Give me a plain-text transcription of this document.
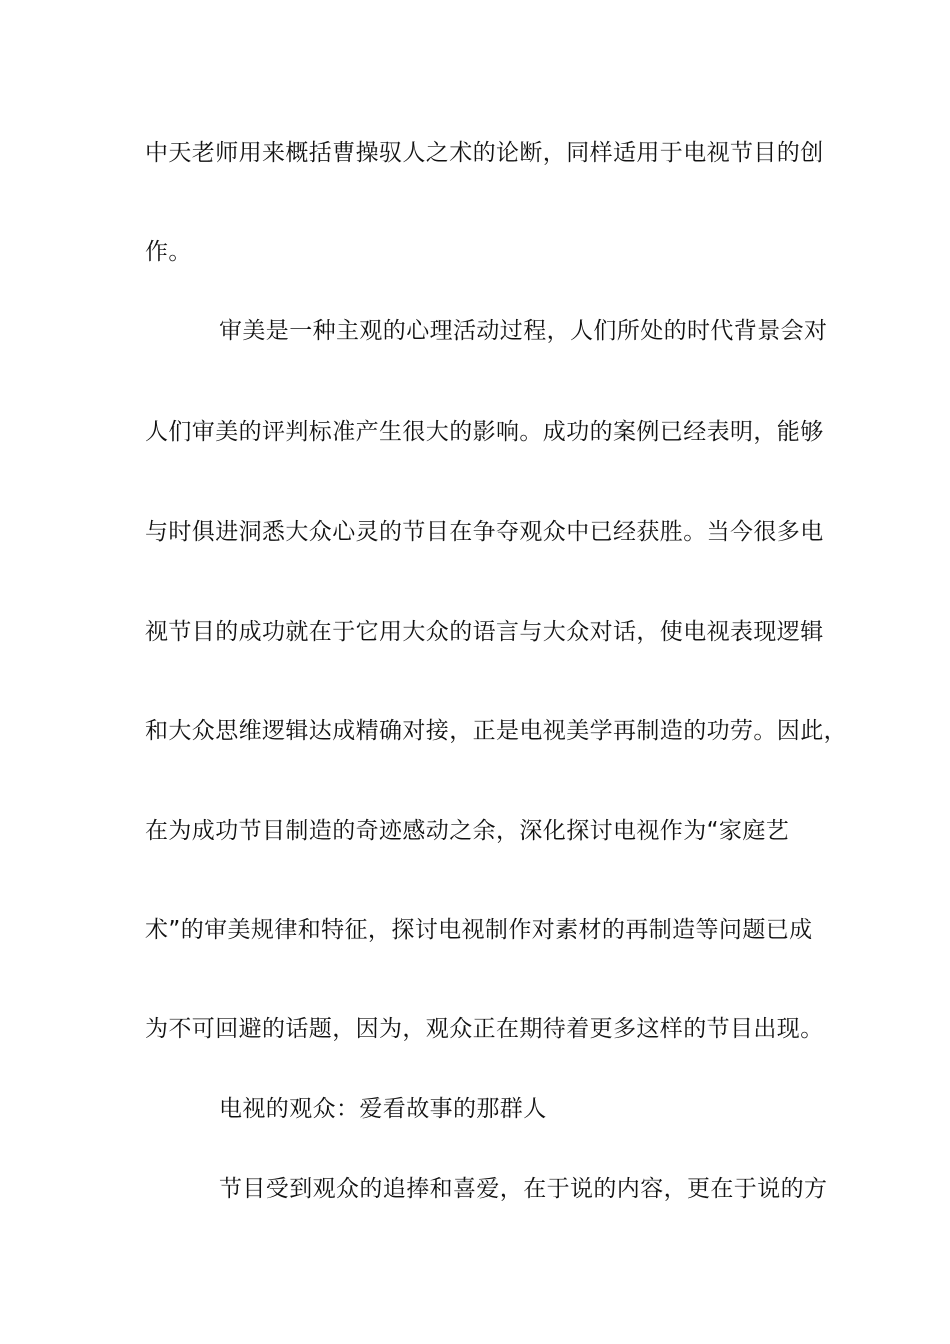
中天老师用来概括曹操驭人之术的论断，同样适用于电视节目的创
作。
审美是一种主观的心理活动过程，人们所处的时代背景会对
人们审美的评判标准产生很大的影响。成功的案例已经表明，能够
与时俱进洞悉大众心灵的节目在争夺观众中已经获胜。当今很多电
视节目的成功就在于它用大众的语言与大众对话，使电视表现逻辑
和大众思维逻辑达成精确对接，正是电视美学再制造的功劳。因此，
在为成功节目制造的奇迹感动之余，深化探讨电视作为“家庭艺
术”的审美规律和特征，探讨电视制作对素材的再制造等问题已成
为不可回避的话题，因为，观众正在期待着更多这样的节目出现。
电视的观众：爱看故事的那群人
节目受到观众的追捧和喜爱，在于说的内容，更在于说的方
